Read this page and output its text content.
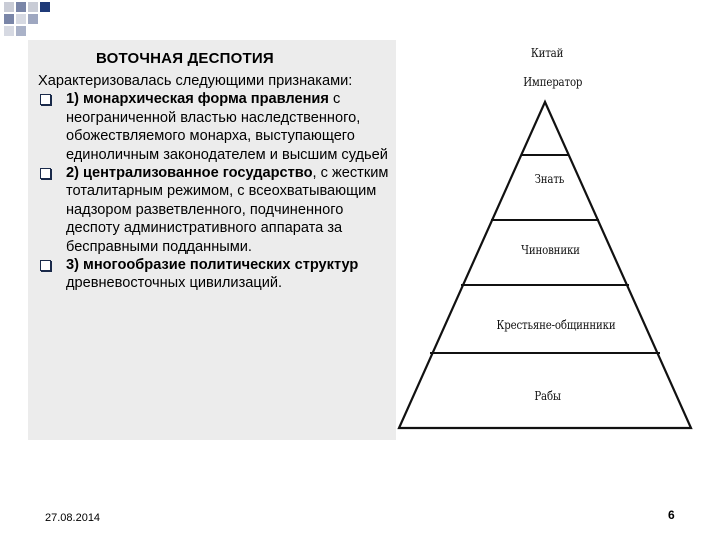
ВОТОЧНАЯ ДЕСПОТИЯ

Характеризовалась следующими признаками:

1) монархическая форма правления с неограниченной властью наследственного, обожествляемого монарха, выступающего единоличным законодателем и высшим судьей

2) централизованное государство, с жестким тоталитарным режимом, с всеохватывающим надзором разветвленного, подчиненного деспоту административного аппарата за бесправными подданными.

3) многообразие политических структур древневосточных цивилизаций.

Китай
Император
Знать
Чиновники
Крестьяне-общинники
Рабы
27.08.2014	6
